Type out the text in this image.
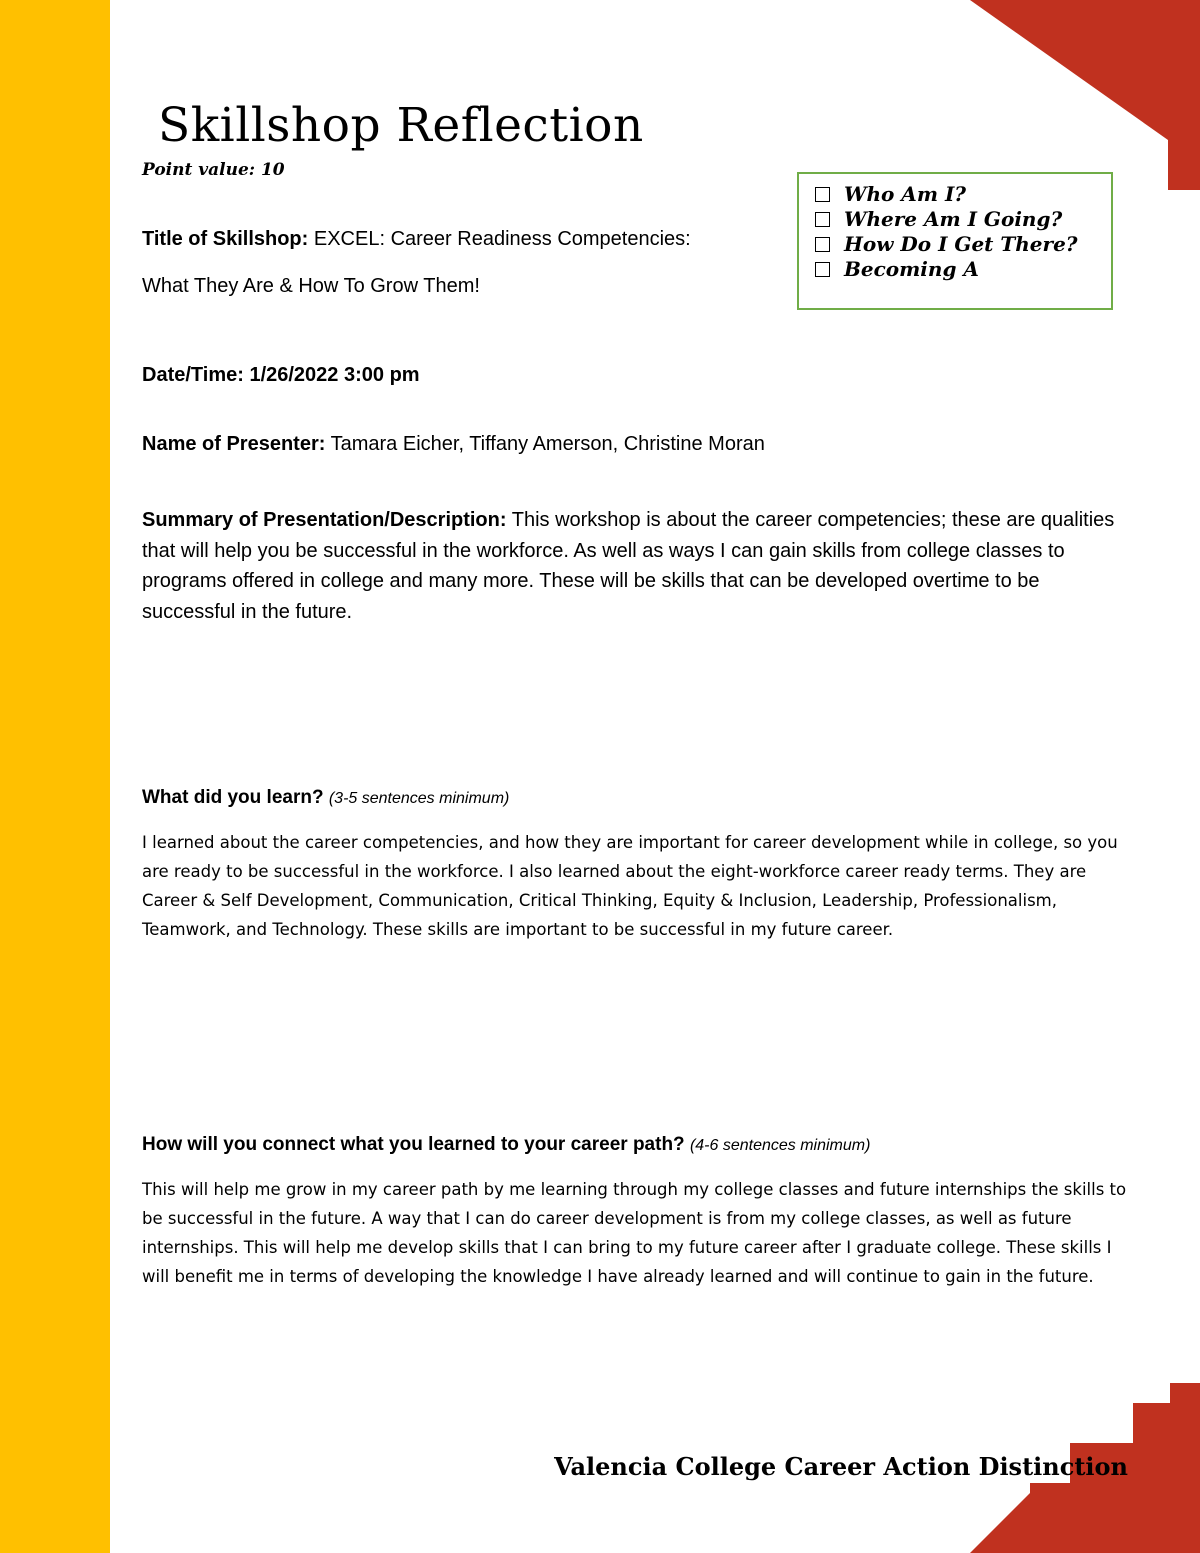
Skillshop Reflection
Point value: 10
Who Am I?
Where Am I Going?
How Do I Get There?
Becoming A
Title of Skillshop: EXCEL: Career Readiness Competencies:
What They Are & How To Grow Them!
Date/Time: 1/26/2022 3:00 pm
Name of Presenter: Tamara Eicher, Tiffany Amerson, Christine Moran
Summary of Presentation/Description: This workshop is about the career competencies; these are qualities that will help you be successful in the workforce. As well as ways I can gain skills from college classes to programs offered in college and many more. These will be skills that can be developed overtime to be successful in the future.
What did you learn? (3-5 sentences minimum)
I learned about the career competencies, and how they are important for career development while in college, so you are ready to be successful in the workforce. I also learned about the eight-workforce career ready terms. They are Career & Self Development, Communication, Critical Thinking, Equity & Inclusion, Leadership, Professionalism, Teamwork, and Technology. These skills are important to be successful in my future career.
How will you connect what you learned to your career path? (4-6 sentences minimum)
This will help me grow in my career path by me learning through my college classes and future internships the skills to be successful in the future. A way that I can do career development is from my college classes, as well as future internships. This will help me develop skills that I can bring to my future career after I graduate college. These skills I will benefit me in terms of developing the knowledge I have already learned and will continue to gain in the future.
Valencia College Career Action Distinction
